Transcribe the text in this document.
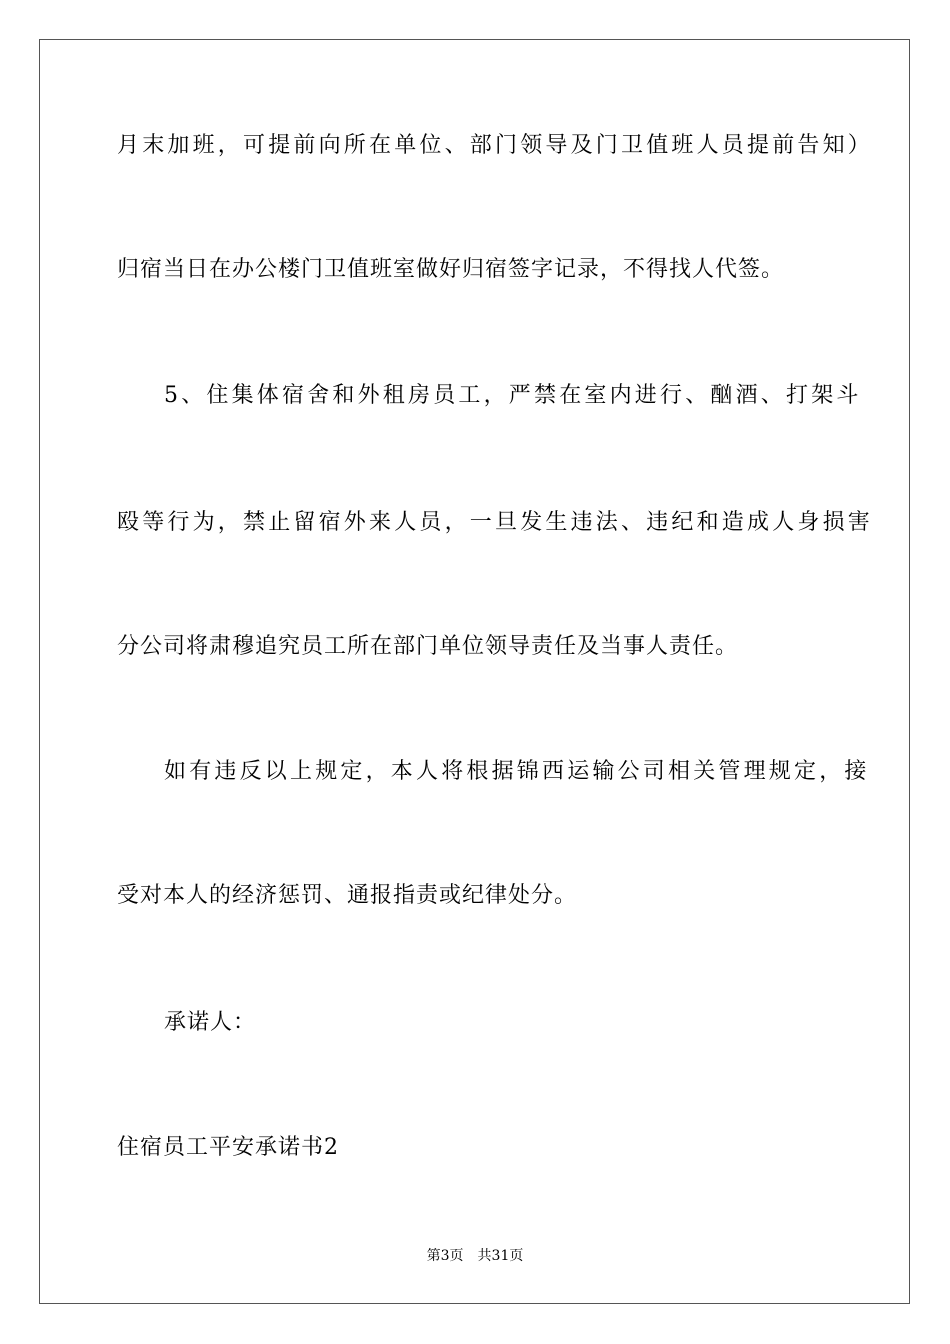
月末加班，可提前向所在单位、部门领导及门卫值班人员提前告知）
归宿当日在办公楼门卫值班室做好归宿签字记录，不得找人代签。
5、住集体宿舍和外租房员工，严禁在室内进行、酗酒、打架斗
殴等行为，禁止留宿外来人员，一旦发生违法、违纪和造成人身损害
分公司将肃穆追究员工所在部门单位领导责任及当事人责任。
如有违反以上规定，本人将根据锦西运输公司相关管理规定，接
受对本人的经济惩罚、通报指责或纪律处分。
承诺人：
住宿员工平安承诺书2
第3页 共31页
